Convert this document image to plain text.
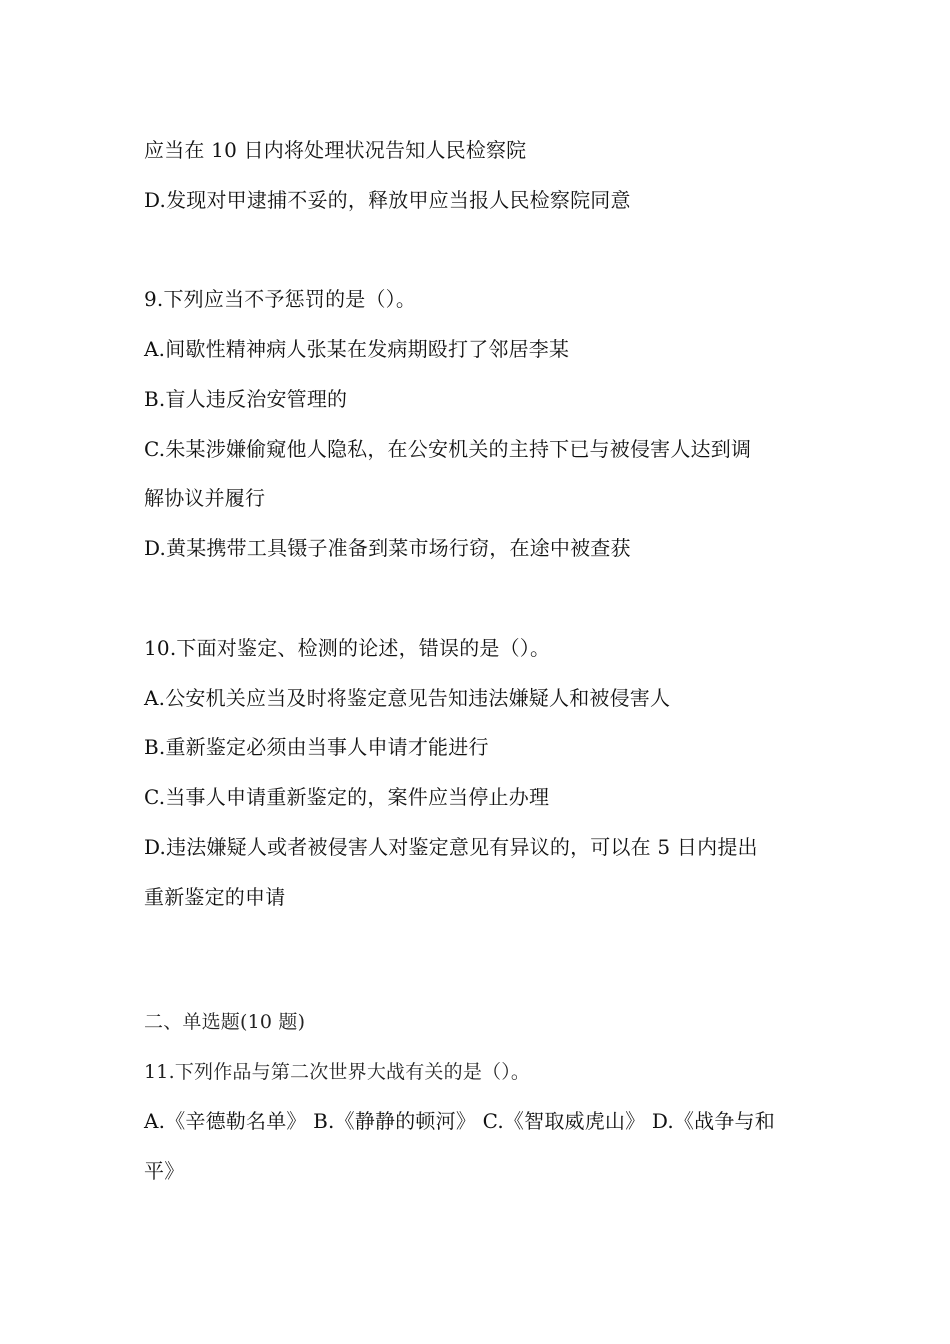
应当在 10 日内将处理状况告知人民检察院
D.发现对甲逮捕不妥的，释放甲应当报人民检察院同意
9.下列应当不予惩罚的是（）。
A.间歇性精神病人张某在发病期殴打了邻居李某
B.盲人违反治安管理的
C.朱某涉嫌偷窥他人隐私，在公安机关的主持下已与被侵害人达到调
解协议并履行
D.黄某携带工具镊子准备到菜市场行窃，在途中被查获
10.下面对鉴定、检测的论述，错误的是（）。
A.公安机关应当及时将鉴定意见告知违法嫌疑人和被侵害人
B.重新鉴定必须由当事人申请才能进行
C.当事人申请重新鉴定的，案件应当停止办理
D.违法嫌疑人或者被侵害人对鉴定意见有异议的，可以在 5 日内提出
重新鉴定的申请
二、单选题(10 题)
11.下列作品与第二次世界大战有关的是（）。
A.《辛德勒名单》 B.《静静的顿河》 C.《智取威虎山》 D.《战争与和
平》
